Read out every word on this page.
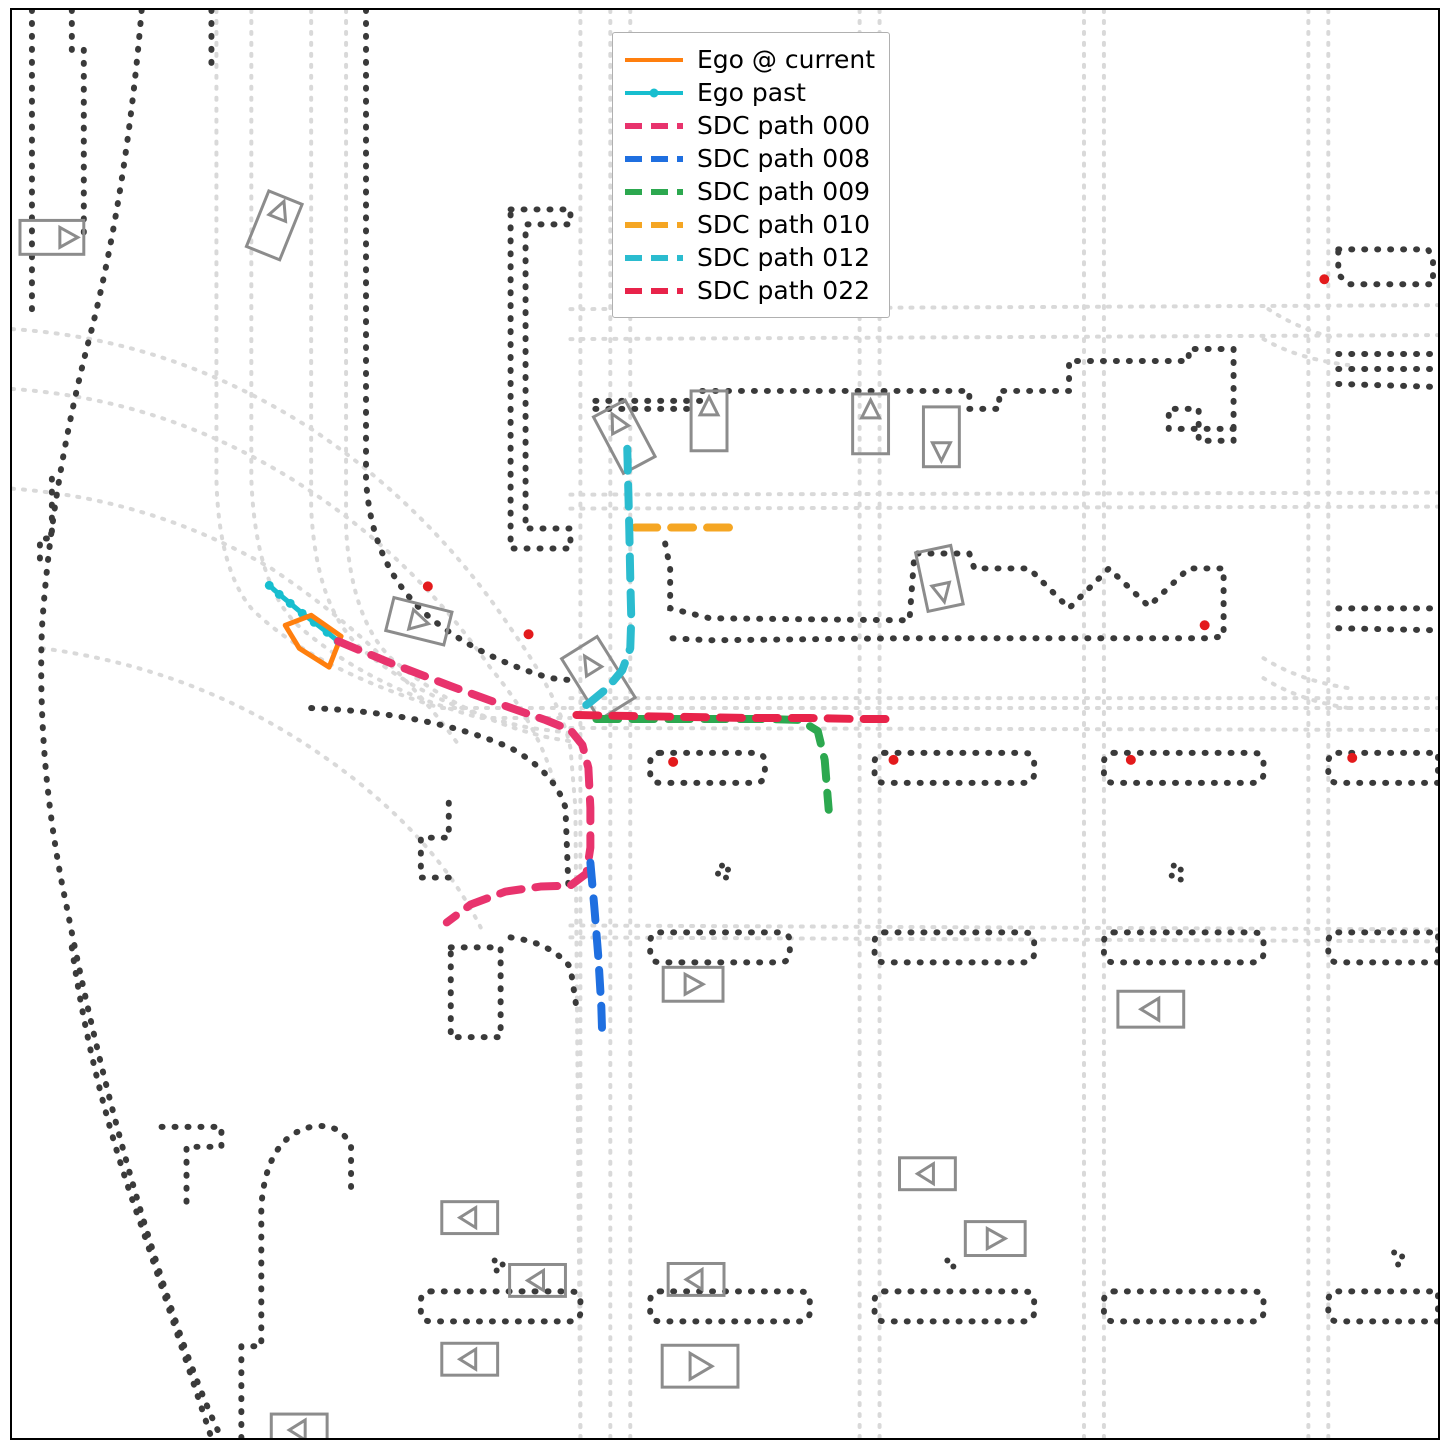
Ego @ current
Ego past
SDC path 000
SDC path 008
SDC path 009
SDC path 010
SDC path 012
SDC path 022
